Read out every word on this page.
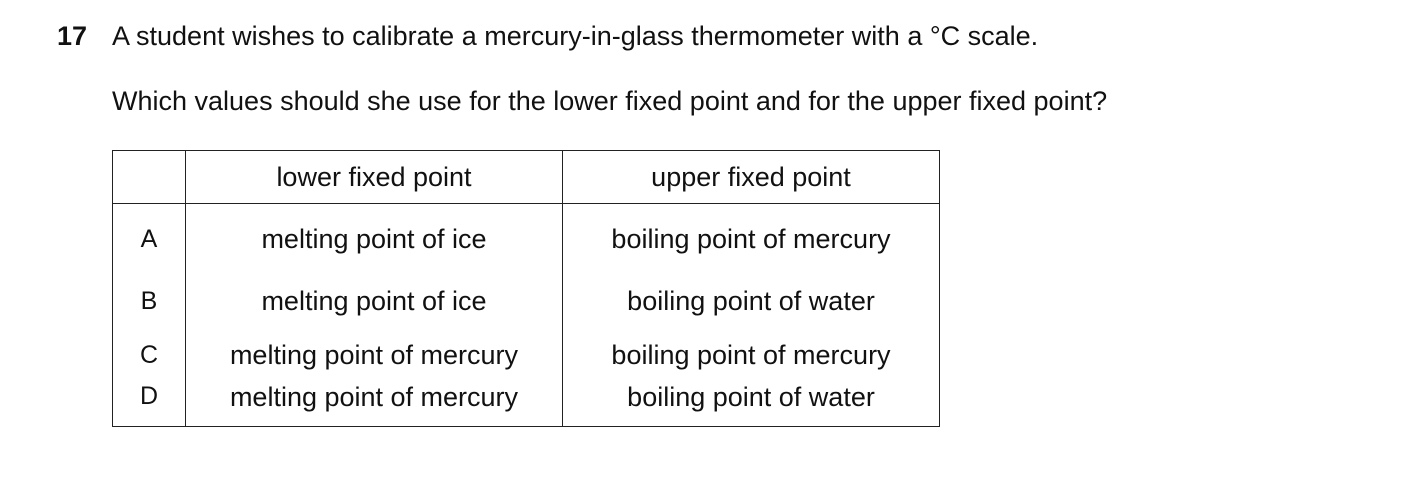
17 A student wishes to calibrate a mercury-in-glass thermometer with a °C scale.
Which values should she use for the lower fixed point and for the upper fixed point?
	lower fixed point	upper fixed point
A	melting point of ice	boiling point of mercury
B	melting point of ice	boiling point of water
C	melting point of mercury	boiling point of mercury
D	melting point of mercury	boiling point of water
